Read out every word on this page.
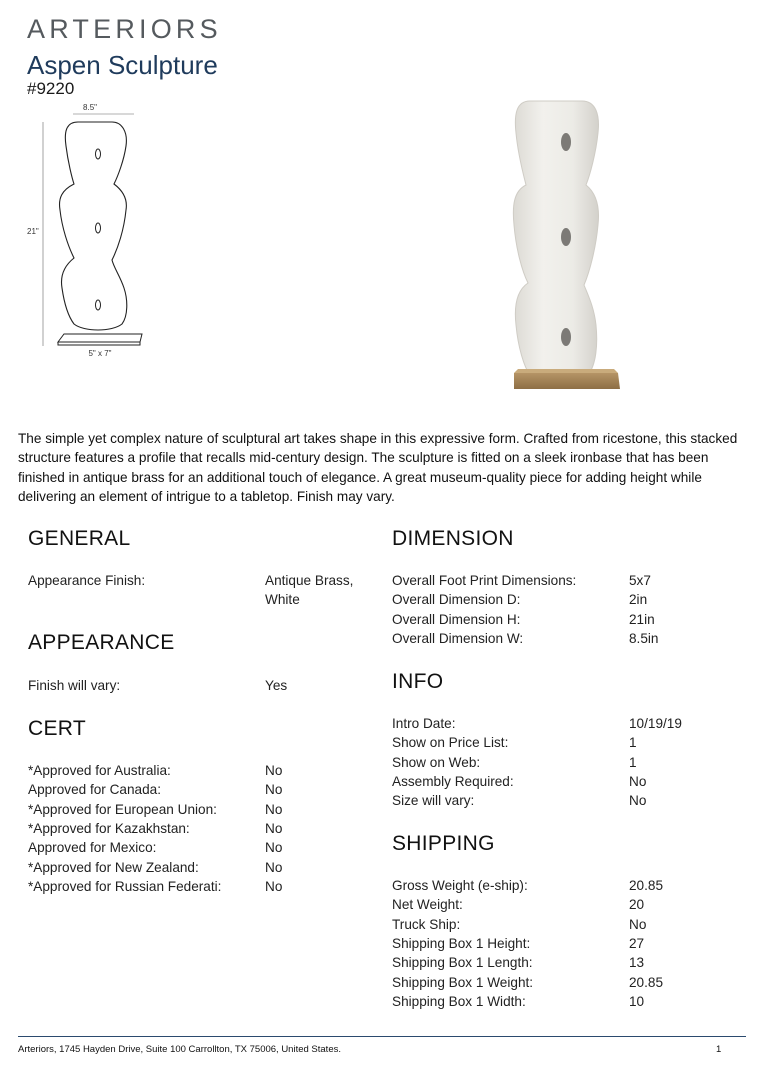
ARTERIORS
Aspen Sculpture
#9220
8.5"
21"
5" x 7"
The simple yet complex nature of sculptural art takes shape in this expressive form. Crafted from ricestone, this stacked structure features a profile that recalls mid-century design. The sculpture is fitted on a sleek ironbase that has been finished in antique brass for an additional touch of elegance. A great museum-quality piece for adding height while delivering an element of intrigue to a tabletop. Finish may vary.
GENERAL
Appearance Finish:	Antique Brass,
White
APPEARANCE
Finish will vary:	Yes
CERT
*Approved for Australia:	No
Approved for Canada:	No
*Approved for European Union:	No
*Approved for Kazakhstan:	No
Approved for Mexico:	No
*Approved for New Zealand:	No
*Approved for Russian Federati:	No
DIMENSION
Overall Foot Print Dimensions:	5x7
Overall Dimension D:	2in
Overall Dimension H:	21in
Overall Dimension W:	8.5in
INFO
Intro Date:	10/19/19
Show on Price List:	1
Show on Web:	1
Assembly Required:	No
Size will vary:	No
SHIPPING
Gross Weight (e-ship):	20.85
Net Weight:	20
Truck Ship:	No
Shipping Box 1 Height:	27
Shipping Box 1 Length:	13
Shipping Box 1 Weight:	20.85
Shipping Box 1 Width:	10
Arteriors, 1745 Hayden Drive, Suite 100 Carrollton, TX 75006, United States.	1
